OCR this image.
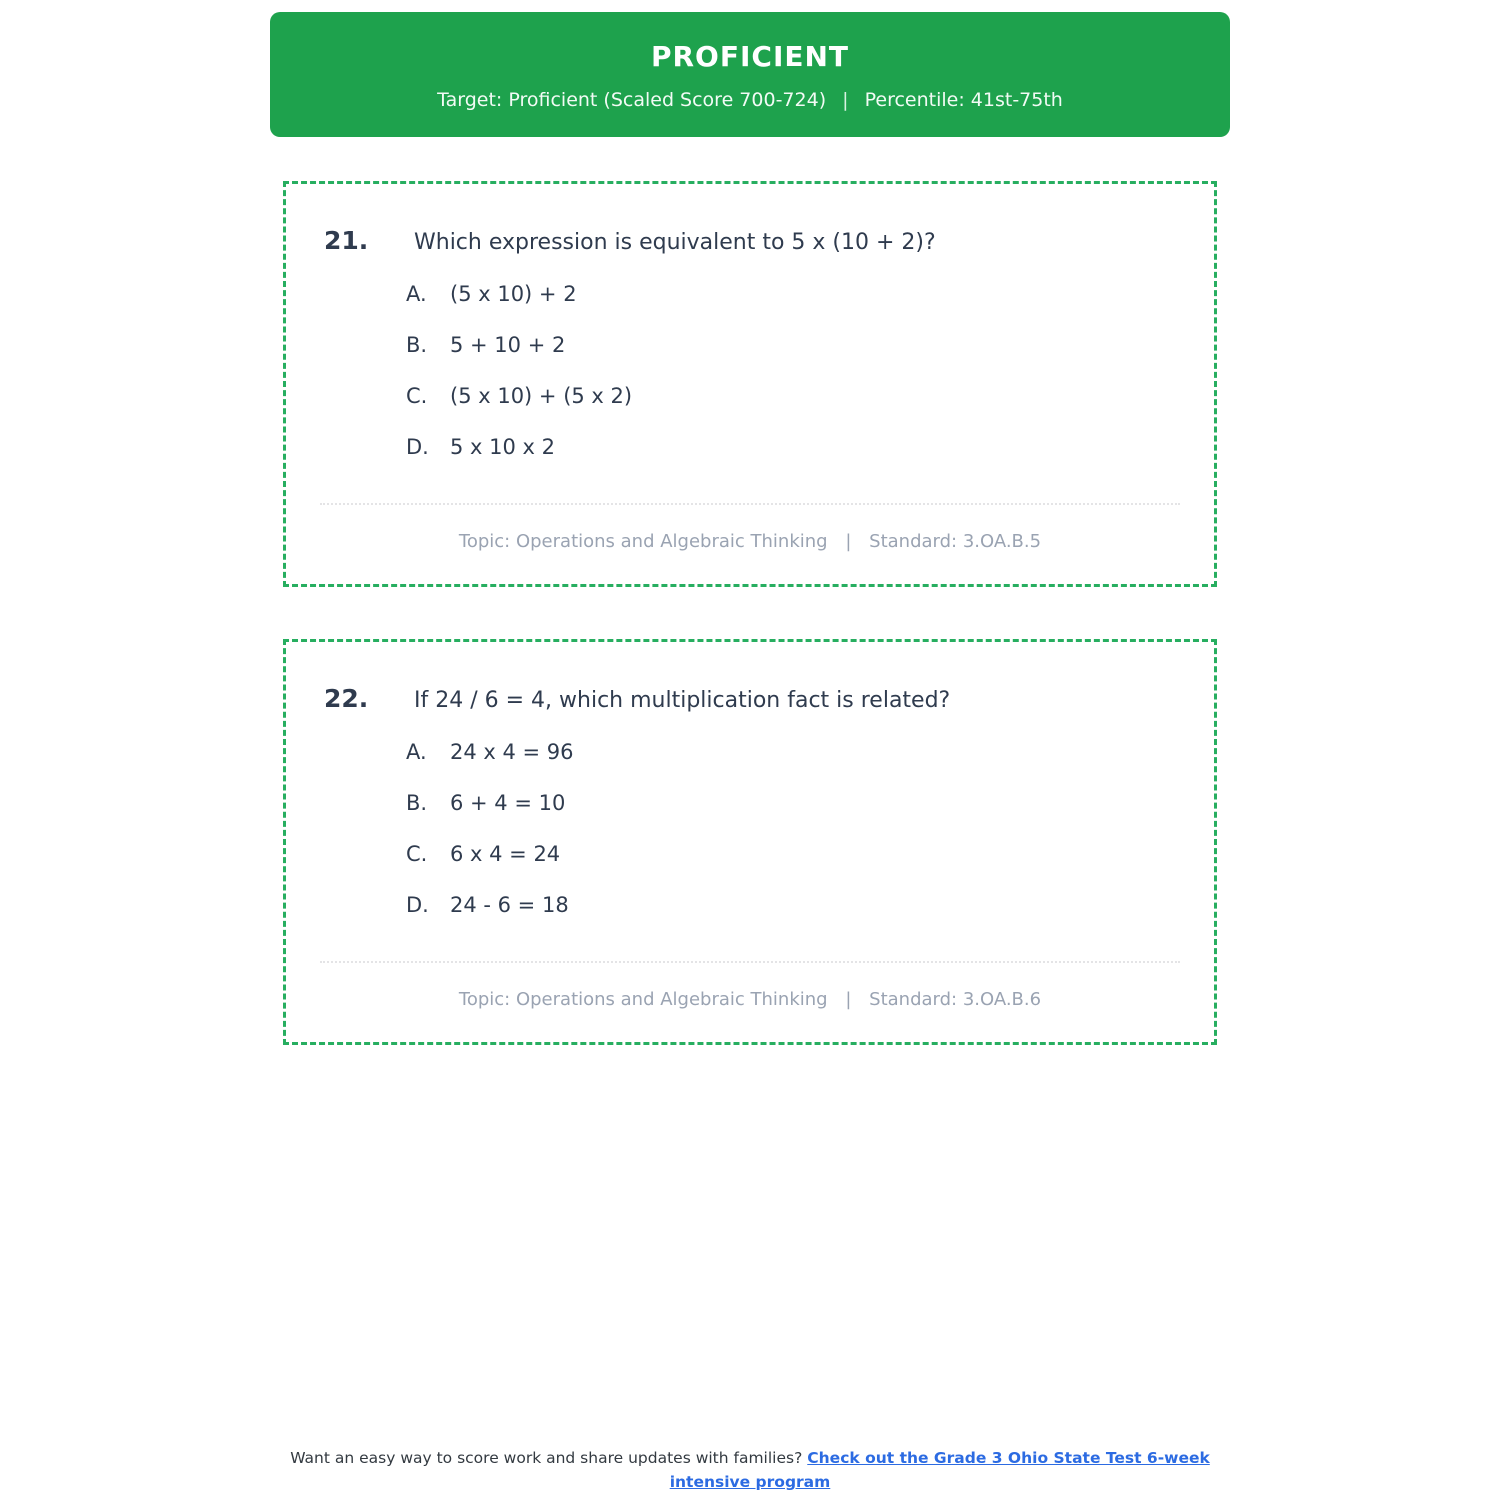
PROFICIENT
Target: Proficient (Scaled Score 700-724) | Percentile: 41st-75th
21.	Which expression is equivalent to 5 x (10 + 2)?
A.	(5 x 10) + 2
B.	5 + 10 + 2
C.	(5 x 10) + (5 x 2)
D.	5 x 10 x 2
Topic: Operations and Algebraic Thinking | Standard: 3.OA.B.5
22.	If 24 / 6 = 4, which multiplication fact is related?
A.	24 x 4 = 96
B.	6 + 4 = 10
C.	6 x 4 = 24
D.	24 - 6 = 18
Topic: Operations and Algebraic Thinking | Standard: 3.OA.B.6
Want an easy way to score work and share updates with families? Check out the Grade 3 Ohio State Test 6-week intensive program
